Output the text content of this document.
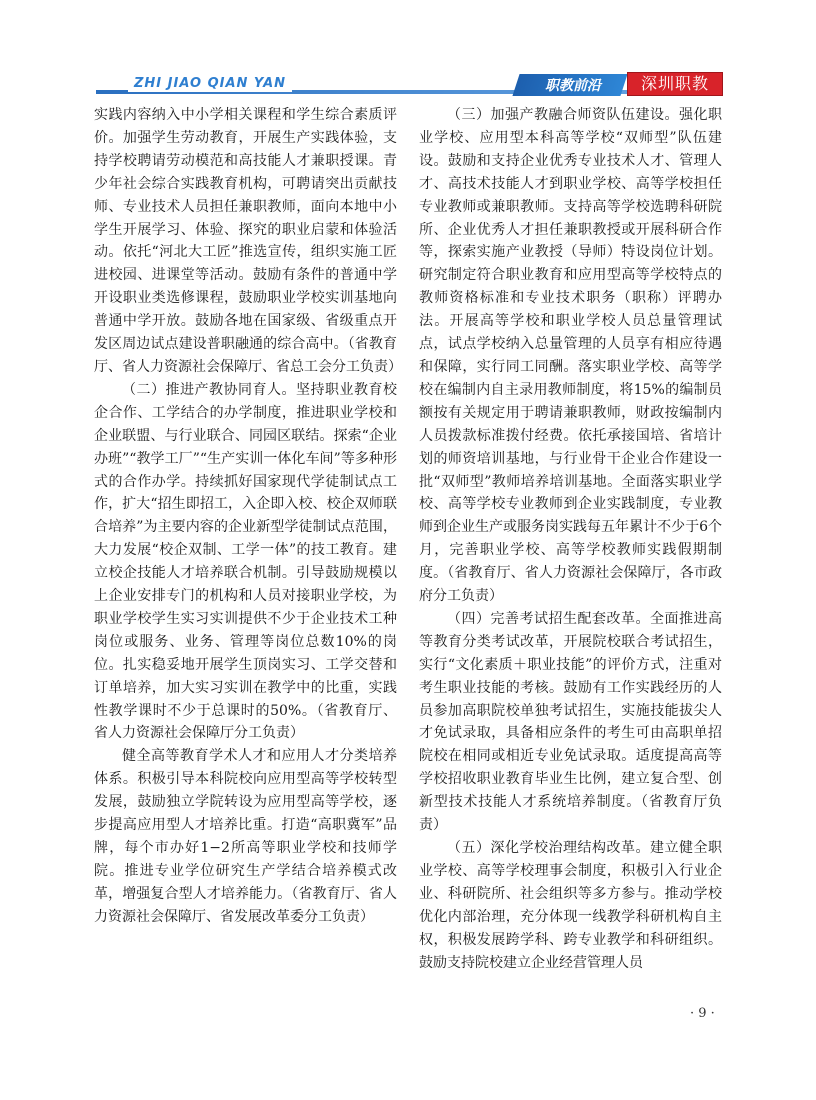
ZHI JIAO QIAN YAN	职教前沿	深圳职教

实践内容纳入中小学相关课程和学生综合素质评价。加强学生劳动教育，开展生产实践体验，支持学校聘请劳动模范和高技能人才兼职授课。青少年社会综合实践教育机构，可聘请突出贡献技师、专业技术人员担任兼职教师，面向本地中小学生开展学习、体验、探究的职业启蒙和体验活动。依托“河北大工匠”推选宣传，组织实施工匠进校园、进课堂等活动。鼓励有条件的普通中学开设职业类选修课程，鼓励职业学校实训基地向普通中学开放。鼓励各地在国家级、省级重点开发区周边试点建设普职融通的综合高中。（省教育厅、省人力资源社会保障厅、省总工会分工负责）

（二）推进产教协同育人。坚持职业教育校企合作、工学结合的办学制度，推进职业学校和企业联盟、与行业联合、同园区联结。探索“企业办班”“教学工厂”“生产实训一体化车间”等多种形式的合作办学。持续抓好国家现代学徒制试点工作，扩大“招生即招工，入企即入校、校企双师联合培养”为主要内容的企业新型学徒制试点范围，大力发展“校企双制、工学一体”的技工教育。建立校企技能人才培养联合机制。引导鼓励规模以上企业安排专门的机构和人员对接职业学校，为职业学校学生实习实训提供不少于企业技术工种岗位或服务、业务、管理等岗位总数10%的岗位。扎实稳妥地开展学生顶岗实习、工学交替和订单培养，加大实习实训在教学中的比重，实践性教学课时不少于总课时的50%。（省教育厅、省人力资源社会保障厅分工负责）

健全高等教育学术人才和应用人才分类培养体系。积极引导本科院校向应用型高等学校转型发展，鼓励独立学院转设为应用型高等学校，逐步提高应用型人才培养比重。打造“高职冀军”品牌，每个市办好1−2所高等职业学校和技师学院。推进专业学位研究生产学结合培养模式改革，增强复合型人才培养能力。（省教育厅、省人力资源社会保障厅、省发展改革委分工负责）

（三）加强产教融合师资队伍建设。强化职业学校、应用型本科高等学校“双师型”队伍建设。鼓励和支持企业优秀专业技术人才、管理人才、高技术技能人才到职业学校、高等学校担任专业教师或兼职教师。支持高等学校选聘科研院所、企业优秀人才担任兼职教授或开展科研合作等，探索实施产业教授（导师）特设岗位计划。研究制定符合职业教育和应用型高等学校特点的教师资格标准和专业技术职务（职称）评聘办法。开展高等学校和职业学校人员总量管理试点，试点学校纳入总量管理的人员享有相应待遇和保障，实行同工同酬。落实职业学校、高等学校在编制内自主录用教师制度，将15%的编制员额按有关规定用于聘请兼职教师，财政按编制内人员拨款标准拨付经费。依托承接国培、省培计划的师资培训基地，与行业骨干企业合作建设一批“双师型”教师培养培训基地。全面落实职业学校、高等学校专业教师到企业实践制度，专业教师到企业生产或服务岗实践每五年累计不少于6个月，完善职业学校、高等学校教师实践假期制度。（省教育厅、省人力资源社会保障厅，各市政府分工负责）

（四）完善考试招生配套改革。全面推进高等教育分类考试改革，开展院校联合考试招生，实行“文化素质＋职业技能”的评价方式，注重对考生职业技能的考核。鼓励有工作实践经历的人员参加高职院校单独考试招生，实施技能拔尖人才免试录取，具备相应条件的考生可由高职单招院校在相同或相近专业免试录取。适度提高高等学校招收职业教育毕业生比例，建立复合型、创新型技术技能人才系统培养制度。（省教育厅负责）

（五）深化学校治理结构改革。建立健全职业学校、高等学校理事会制度，积极引入行业企业、科研院所、社会组织等多方参与。推动学校优化内部治理，充分体现一线教学科研机构自主权，积极发展跨学科、跨专业教学和科研组织。鼓励支持院校建立企业经营管理人员

· 9 ·
